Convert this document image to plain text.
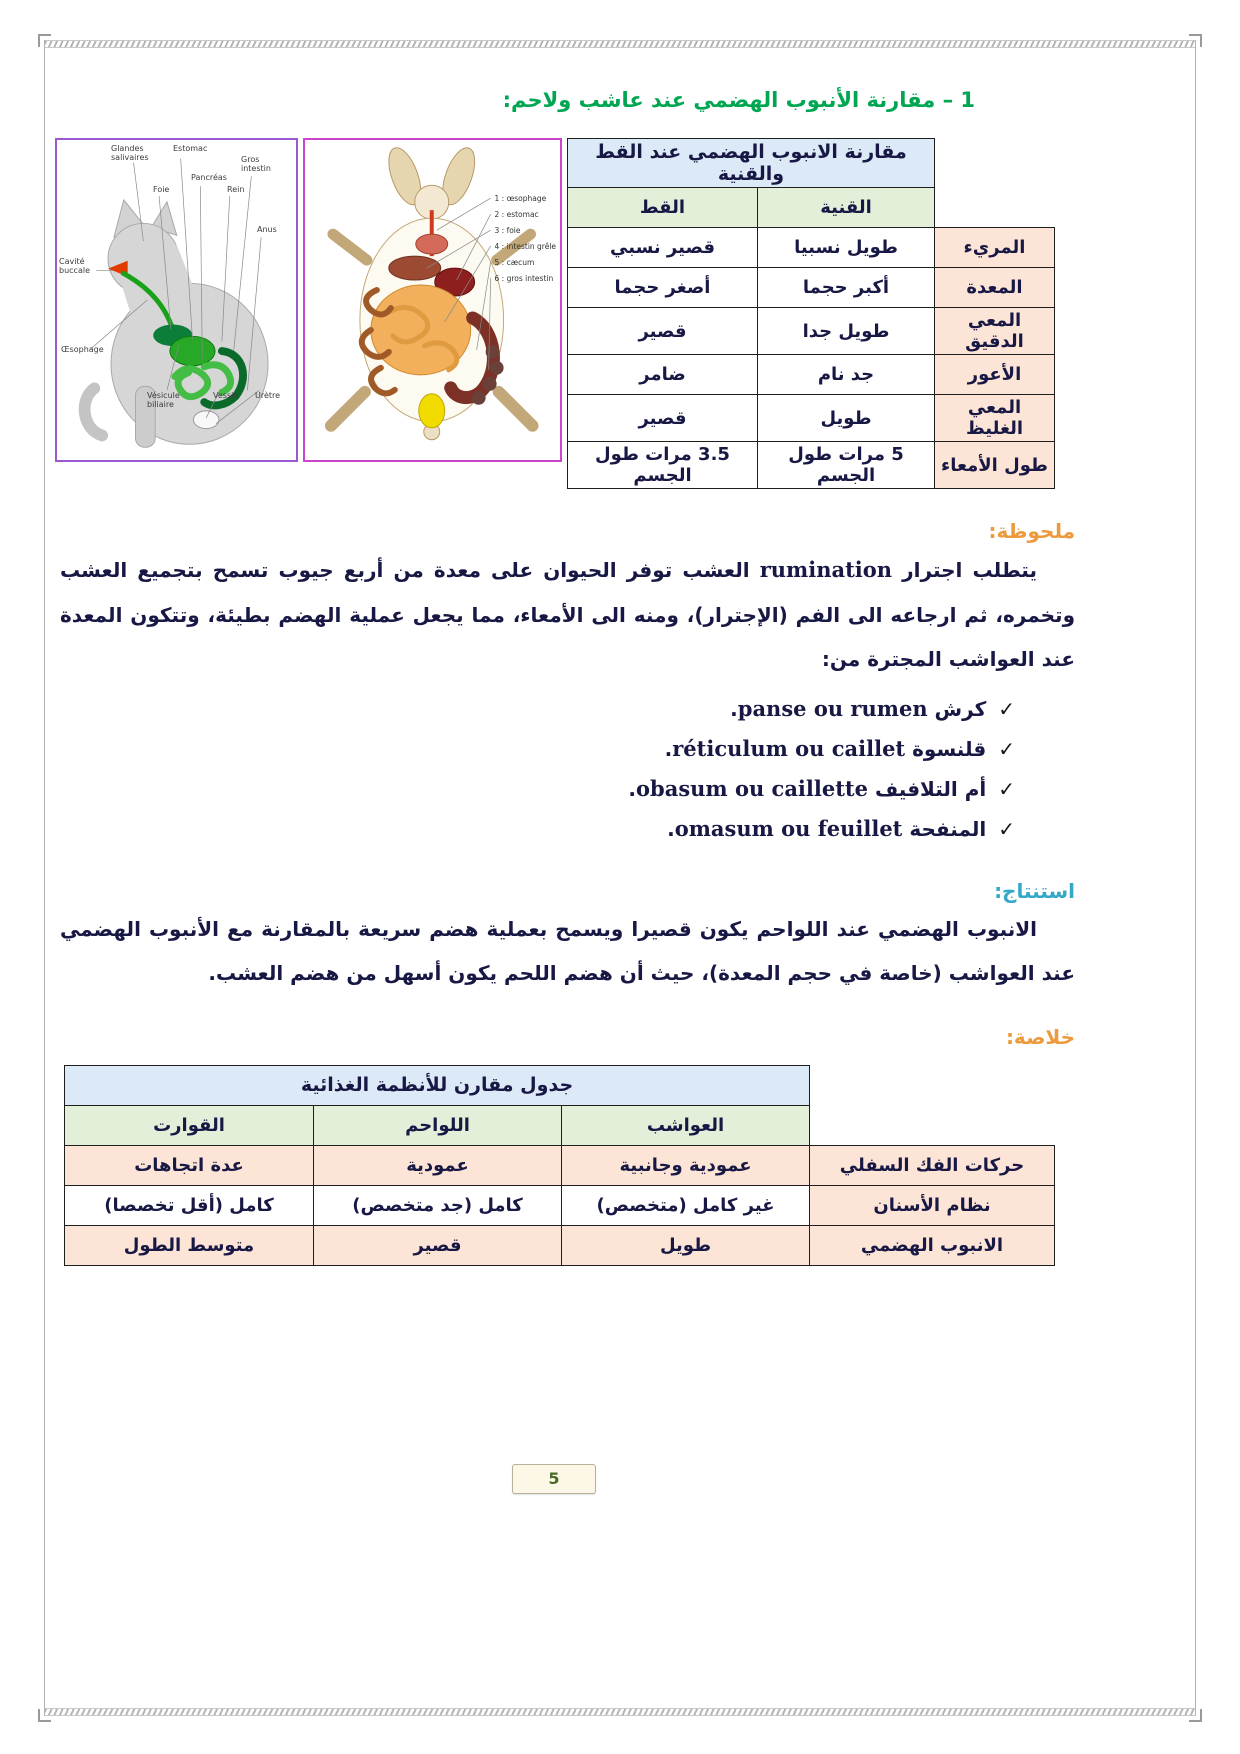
1 – مقارنة الأنبوب الهضمي عند عاشب ولاحم:
	مقارنة الانبوب الهضمي عند القط والقنية	
	القنية	القط
المريء	طويل نسبيا	قصير نسبي
المعدة	أكبر حجما	أصغر حجما
المعي الدقيق	طويل جدا	قصير
الأعور	جد نام	ضامر
المعي الغليظ	طويل	قصير
طول الأمعاء	5 مرات طول الجسم	3.5 مرات طول الجسم
1 : œsophage
2 : estomac
3 : foie
4 : intestin grêle
5 : cæcum
6 : gros intestin
Glandes salivaires
Estomac
Gros intestin
Pancréas
Foie	Rein
Anus
Cavité buccale
Œsophage
Vésicule biliaire
Vessie Urètre

ملحوظة:

يتطلب اجترار rumination العشب توفر الحيوان على معدة من أربع جيوب تسمح بتجميع العشب وتخمره، ثم ارجاعه الى الفم (الإجترار)، ومنه الى الأمعاء، مما يجعل عملية الهضم بطيئة، وتتكون المعدة عند العواشب المجترة من:

✓كرش panse ou rumen.
✓قلنسوة réticulum ou caillet.
✓أم التلافيف obasum ou caillette.
✓المنفحة omasum ou feuillet.

استنتاج:

الانبوب الهضمي عند اللواحم يكون قصيرا ويسمح بعملية هضم سريعة بالمقارنة مع الأنبوب الهضمي عند العواشب (خاصة في حجم المعدة)، حيث أن هضم اللحم يكون أسهل من هضم العشب.

خلاصة:

	جدول مقارن للأنظمة الغذائية		
	العواشب	اللواحم	القوارت
حركات الفك السفلي	عمودية وجانبية	عمودية	عدة اتجاهات
نظام الأسنان	غير كامل (متخصص)	كامل (جد متخصص)	كامل (أقل تخصصا)
الانبوب الهضمي	طويل	قصير	متوسط الطول
5
